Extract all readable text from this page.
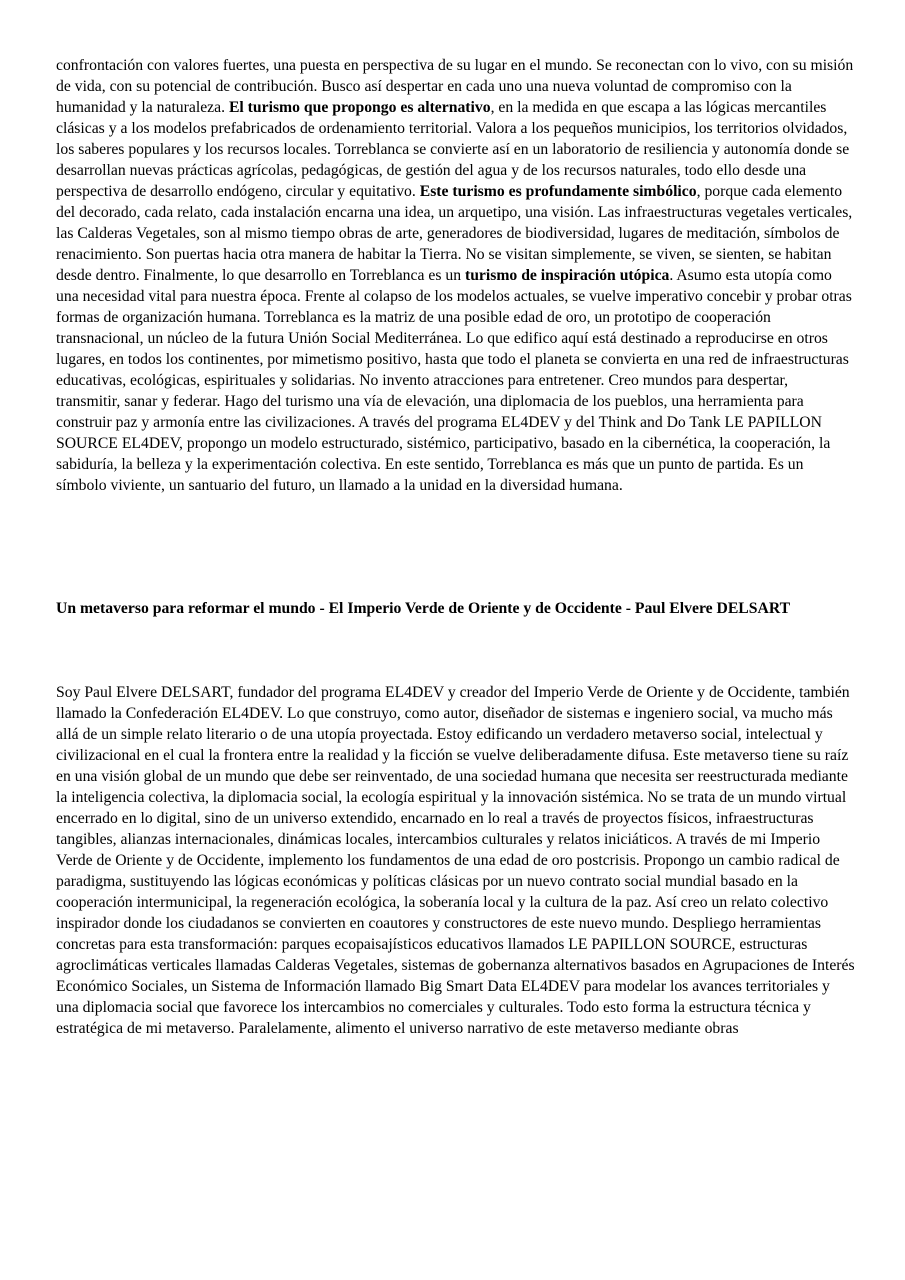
confrontación con valores fuertes, una puesta en perspectiva de su lugar en el mundo. Se reconectan con lo vivo, con su misión de vida, con su potencial de contribución. Busco así despertar en cada uno una nueva voluntad de compromiso con la humanidad y la naturaleza. El turismo que propongo es alternativo, en la medida en que escapa a las lógicas mercantiles clásicas y a los modelos prefabricados de ordenamiento territorial. Valora a los pequeños municipios, los territorios olvidados, los saberes populares y los recursos locales. Torreblanca se convierte así en un laboratorio de resiliencia y autonomía donde se desarrollan nuevas prácticas agrícolas, pedagógicas, de gestión del agua y de los recursos naturales, todo ello desde una perspectiva de desarrollo endógeno, circular y equitativo. Este turismo es profundamente simbólico, porque cada elemento del decorado, cada relato, cada instalación encarna una idea, un arquetipo, una visión. Las infraestructuras vegetales verticales, las Calderas Vegetales, son al mismo tiempo obras de arte, generadores de biodiversidad, lugares de meditación, símbolos de renacimiento. Son puertas hacia otra manera de habitar la Tierra. No se visitan simplemente, se viven, se sienten, se habitan desde dentro. Finalmente, lo que desarrollo en Torreblanca es un turismo de inspiración utópica. Asumo esta utopía como una necesidad vital para nuestra época. Frente al colapso de los modelos actuales, se vuelve imperativo concebir y probar otras formas de organización humana. Torreblanca es la matriz de una posible edad de oro, un prototipo de cooperación transnacional, un núcleo de la futura Unión Social Mediterránea. Lo que edifico aquí está destinado a reproducirse en otros lugares, en todos los continentes, por mimetismo positivo, hasta que todo el planeta se convierta en una red de infraestructuras educativas, ecológicas, espirituales y solidarias. No invento atracciones para entretener. Creo mundos para despertar, transmitir, sanar y federar. Hago del turismo una vía de elevación, una diplomacia de los pueblos, una herramienta para construir paz y armonía entre las civilizaciones. A través del programa EL4DEV y del Think and Do Tank LE PAPILLON SOURCE EL4DEV, propongo un modelo estructurado, sistémico, participativo, basado en la cibernética, la cooperación, la sabiduría, la belleza y la experimentación colectiva. En este sentido, Torreblanca es más que un punto de partida. Es un símbolo viviente, un santuario del futuro, un llamado a la unidad en la diversidad humana.

Un metaverso para reformar el mundo - El Imperio Verde de Oriente y de Occidente - Paul Elvere DELSART

Soy Paul Elvere DELSART, fundador del programa EL4DEV y creador del Imperio Verde de Oriente y de Occidente, también llamado la Confederación EL4DEV. Lo que construyo, como autor, diseñador de sistemas e ingeniero social, va mucho más allá de un simple relato literario o de una utopía proyectada. Estoy edificando un verdadero metaverso social, intelectual y civilizacional en el cual la frontera entre la realidad y la ficción se vuelve deliberadamente difusa. Este metaverso tiene su raíz en una visión global de un mundo que debe ser reinventado, de una sociedad humana que necesita ser reestructurada mediante la inteligencia colectiva, la diplomacia social, la ecología espiritual y la innovación sistémica. No se trata de un mundo virtual encerrado en lo digital, sino de un universo extendido, encarnado en lo real a través de proyectos físicos, infraestructuras tangibles, alianzas internacionales, dinámicas locales, intercambios culturales y relatos iniciáticos. A través de mi Imperio Verde de Oriente y de Occidente, implemento los fundamentos de una edad de oro postcrisis. Propongo un cambio radical de paradigma, sustituyendo las lógicas económicas y políticas clásicas por un nuevo contrato social mundial basado en la cooperación intermunicipal, la regeneración ecológica, la soberanía local y la cultura de la paz. Así creo un relato colectivo inspirador donde los ciudadanos se convierten en coautores y constructores de este nuevo mundo. Despliego herramientas concretas para esta transformación: parques ecopaisajísticos educativos llamados LE PAPILLON SOURCE, estructuras agroclimáticas verticales llamadas Calderas Vegetales, sistemas de gobernanza alternativos basados en Agrupaciones de Interés Económico Sociales, un Sistema de Información llamado Big Smart Data EL4DEV para modelar los avances territoriales y una diplomacia social que favorece los intercambios no comerciales y culturales. Todo esto forma la estructura técnica y estratégica de mi metaverso. Paralelamente, alimento el universo narrativo de este metaverso mediante obras
